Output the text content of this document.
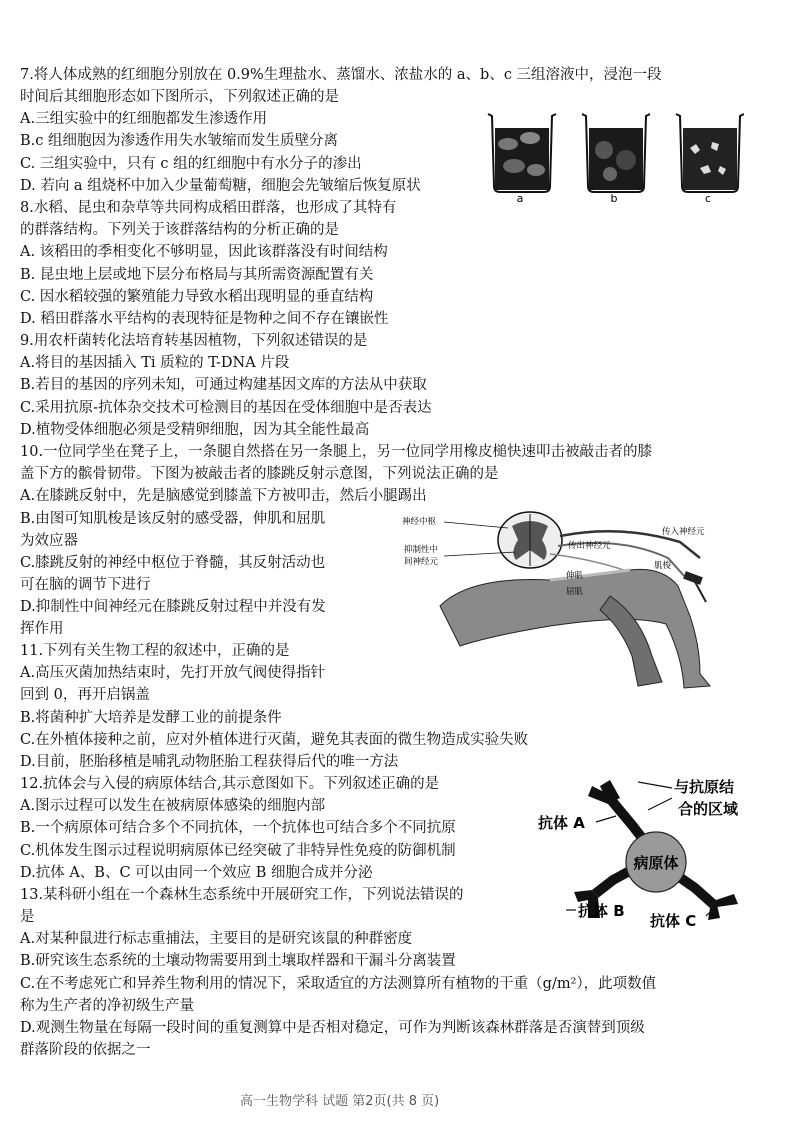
7.将人体成熟的红细胞分别放在 0.9%生理盐水、蒸馏水、浓盐水的 a、b、c 三组溶液中，浸泡一段
时间后其细胞形态如下图所示，下列叙述正确的是
A.三组实验中的红细胞都发生渗透作用
B.c 组细胞因为渗透作用失水皱缩而发生质壁分离
C. 三组实验中，只有 c 组的红细胞中有水分子的渗出
D. 若向 a 组烧杯中加入少量葡萄糖，细胞会先皱缩后恢复原状
a	b	c
8.水稻、昆虫和杂草等共同构成稻田群落，也形成了其特有
的群落结构。下列关于该群落结构的分析正确的是
A. 该稻田的季相变化不够明显，因此该群落没有时间结构
B. 昆虫地上层或地下层分布格局与其所需资源配置有关
C. 因水稻较强的繁殖能力导致水稻出现明显的垂直结构
D. 稻田群落水平结构的表现特征是物种之间不存在镶嵌性
9.用农杆菌转化法培育转基因植物，下列叙述错误的是
A.将目的基因插入 Ti 质粒的 T-DNA 片段
B.若目的基因的序列未知，可通过构建基因文库的方法从中获取
C.采用抗原-抗体杂交技术可检测目的基因在受体细胞中是否表达
D.植物受体细胞必须是受精卵细胞，因为其全能性最高
10.一位同学坐在凳子上，一条腿自然搭在另一条腿上，另一位同学用橡皮槌快速叩击被敲击者的膝
盖下方的髌骨韧带。下图为被敲击者的膝跳反射示意图，下列说法正确的是
A.在膝跳反射中，先是脑感觉到膝盖下方被叩击，然后小腿踢出
B.由图可知肌梭是该反射的感受器，伸肌和屈肌
为效应器
C.膝跳反射的神经中枢位于脊髓，其反射活动也
可在脑的调节下进行
D.抑制性中间神经元在膝跳反射过程中并没有发
挥作用
神经中枢
抑制性中
间神经元
传入神经元
传出神经元
肌梭
伸肌
屈肌
11.下列有关生物工程的叙述中，正确的是
A.高压灭菌加热结束时，先打开放气阀使得指针
回到 0，再开启锅盖
B.将菌种扩大培养是发酵工业的前提条件
C.在外植体接种之前，应对外植体进行灭菌，避免其表面的微生物造成实验失败
D.目前，胚胎移植是哺乳动物胚胎工程获得后代的唯一方法
12.抗体会与入侵的病原体结合,其示意图如下。下列叙述正确的是
A.图示过程可以发生在被病原体感染的细胞内部
B.一个病原体可结合多个不同抗体，一个抗体也可结合多个不同抗原
C.机体发生图示过程说明病原体已经突破了非特异性免疫的防御机制
D.抗体 A、B、C 可以由同一个效应 B 细胞合成并分泌
病原体
与抗原结
合的区域
抗体 A
抗体 B
抗体 C
13.某科研小组在一个森林生态系统中开展研究工作，下列说法错误的
是
A.对某种鼠进行标志重捕法，主要目的是研究该鼠的种群密度
B.研究该生态系统的土壤动物需要用到土壤取样器和干漏斗分离装置
C.在不考虑死亡和异养生物利用的情况下，采取适宜的方法测算所有植物的干重（g/m²），此项数值
称为生产者的净初级生产量
D.观测生物量在每隔一段时间的重复测算中是否相对稳定，可作为判断该森林群落是否演替到顶级
群落阶段的依据之一
高一生物学科 试题 第2页(共 8 页)
